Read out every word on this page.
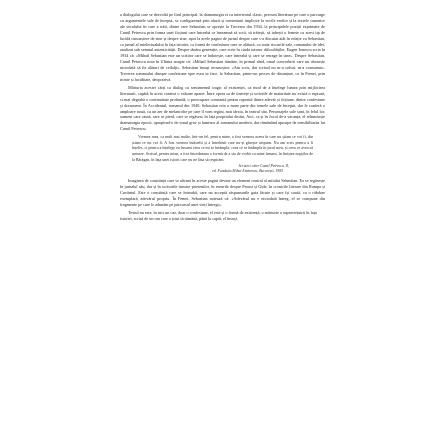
a dialogului care se dezvoltă pe firul principal, la dramaturgia ei cu intertextul clasic, precum literatura pe care o parcurge cu argumentele sale de început, se configurează prin aluzii și comentarii implicite la vocile eroilor și la textele canonice ale secolului în care a trăit, dintre care Sebastian se oprește la Trecerea din 1934, la principalele poziții exprimate de Camil Petrescu prin forma unei ficțiuni care întreabă ce înseamnă să scrii, să trăiești, să iubești o femeie cu acest tip de lucidă cunoaștere de sine și despre sine; apoi la acele pagini de jurnal despre care s-a discutat atât în relație cu Sebastian, ca jurnal al intelectualului în fața istoriei, ca formă de confesiune care se alătură, cu toate riscurile sale, romanului de idei, analizat sub semnul autenticității. Despre tânăra generație, care scrie în ciuda tuturor dificultăților, Eugen Ionescu scria în 1934 că: «Mihail Sebastian este un scriitor care se îndoiește, care întreabă și care se retrage în sine». Despre Sebastian, Camil Petrescu nota în Ultima noapte că: «Mihail Sebastian rămâne, în primul rând, omul convorbirii care nu obosește niciodată să fie alături de ceilalți». Sebastian însuși recunoștea: «Am scris, dar scrisul nu m-a salvat, m-a consumat». Trecerea romanului dinspre confesiune spre eseu se face, la Sebastian, printr-un proces de distanțare, ca în Femei, prin ironie și luciditate, deopotrivă.

Mărturia acestei cărți ca dialog cu sentimentul tragic al existenței, ca mod de a înțelege lumea prin mijlocirea literaturii, capătă în acest context o valoare aparte. Între opera sa de tinerețe și scrierile de maturitate nu există o ruptură, ci mai degrabă o continuitate profundă, o preocupare constantă pentru raportul dintre adevăr și ficțiune, dintre confesiune și document. În Accidentul, romanul din 1940, Sebastian reia o mare parte din temele sale de început, dar le conferă o amploare nouă, cu un aer de melancolie pe care îl vom regăsi, mai târziu, în teatrul său. Personajele sale sunt, în felul lor, oameni care caută, care se pierd, care se regăsesc în fața propriului destin. Aici, ca și în Jocul de-a vacanța, el reînnoiește dramaturgia epocii, apropiind-o de tonul grav și luminos al romanului modern, dar rămânând aproape de sensibilitatea lui Camil Petrescu.

Vremea mea, ca mult mai multe, într-un fel, pentru mine, a fost vremea aceea în care nu știam ce voi fi, dar știam ce nu voi fi. A fost vremea îndoielii și a întrebării care nu-și găsește răspuns. Nu am scris pentru a fi înțeles, ci pentru a înțelege eu însumi ceea ce mi se întâmpla, ceea ce se întâmpla în jurul meu, și ceea ce avea să urmeze. Scrisul, pentru mine, a fost întotdeauna o formă de a sta de vorbă cu mine însumi, în liniștea nopților de la Bărăgan, în fața unei istorii care nu ne lăsa să respirăm.

Scrisori către Camil Petrescu, II,

ed. Fundația Mihai Eminescu, București, 1985

Imaginea de conștiință care se afirmă în aceste pagini devine un element central al mitului Sebastian. Ea se regăsește în jurnalul său, dar și în scrisorile trimise prietenilor, în eseurile despre Proust și Gide, în cronicile literare din Rampa și Cuvântul. Este o conștiință care se întreabă, care nu acceptă răspunsurile gata făcute și care își caută, cu o răbdare exemplară, adevărul propriu. În Femei, Sebastian notează că: «Adevărul nu e niciodată întreg, el se compune din fragmente pe care le adunăm pe parcursul unei vieți întregi».

Textul nu este, în nici un caz, doar o confesiune, el este și o formă de existență, o mărturie a supraviețuirii în fața istoriei, scrisă de un om care a știut să rămână, până la capăt, el însuși.
